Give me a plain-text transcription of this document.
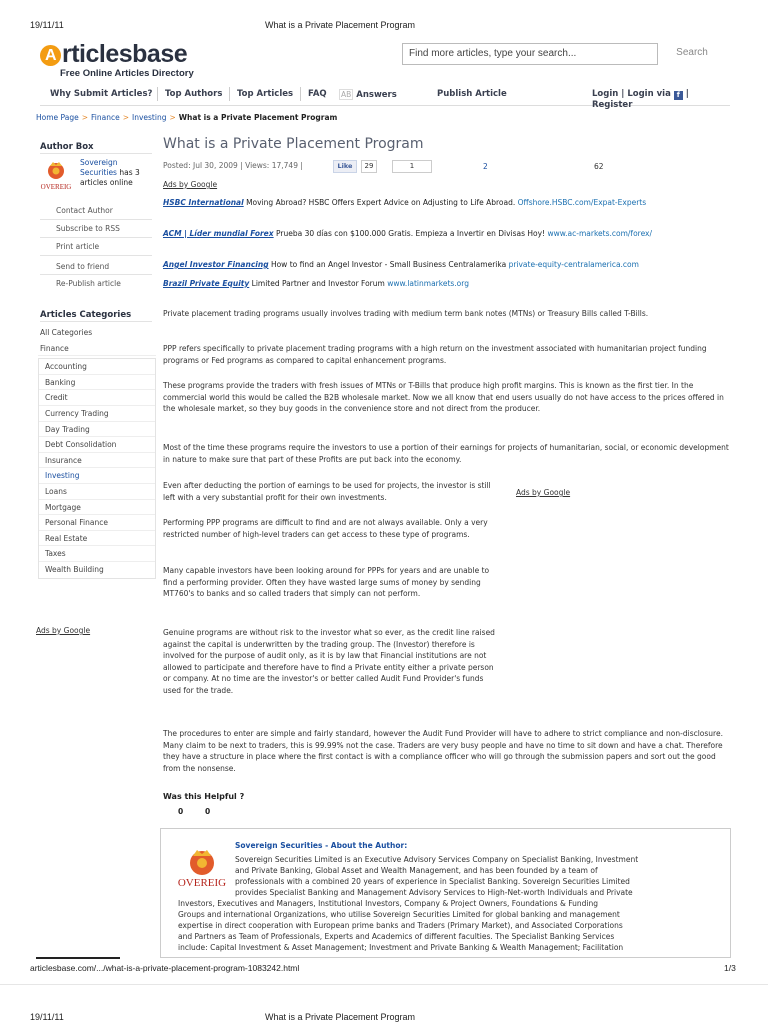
19/11/11	What is a Private Placement Program
A rticlesbase
Free Online Articles Directory
Find more articles, type your search...	Search
Why Submit Articles? Top Authors Top Articles FAQ AB Answers	Publish Article	Login | Login via f | Register
Home Page > Finance > Investing > What is a Private Placement Program
Author Box
OVEREIG
Sovereign Securities has 3 articles online
Contact Author
Subscribe to RSS
Print article
Send to friend
Re-Publish article
Articles Categories
All Categories
Finance
Accounting
Banking
Credit
Currency Trading
Day Trading
Debt Consolidation
Insurance
Investing
Loans
Mortgage
Personal Finance
Real Estate
Taxes
Wealth Building
Ads by Google
What is a Private Placement Program
Posted: Jul 30, 2009 | Views: 17,749 |	Like	29	1	2	62
Ads by Google
HSBC International Moving Abroad? HSBC Offers Expert Advice on Adjusting to Life Abroad. Offshore.HSBC.com/Expat-Experts
ACM | Líder mundial Forex Prueba 30 días con $100.000 Gratis. Empieza a Invertir en Divisas Hoy! www.ac-markets.com/forex/
Angel Investor Financing How to find an Angel Investor - Small Business Centralamerika private-equity-centralamerica.com
Brazil Private Equity Limited Partner and Investor Forum www.latinmarkets.org
Private placement trading programs usually involves trading with medium term bank notes (MTNs) or Treasury Bills called T-Bills.
PPP refers specifically to private placement trading programs with a high return on the investment associated with humanitarian project funding programs or Fed programs as compared to capital enhancement programs.
These programs provide the traders with fresh issues of MTNs or T-Bills that produce high profit margins. This is known as the first tier. In the commercial world this would be called the B2B wholesale market. Now we all know that end users usually do not have access to the prices offered in the wholesale market, so they buy goods in the convenience store and not direct from the producer.
Most of the time these programs require the investors to use a portion of their earnings for projects of humanitarian, social, or economic development in nature to make sure that part of these Profits are put back into the economy.
Even after deducting the portion of earnings to be used for projects, the investor is still left with a very substantial profit for their own investments.
Ads by Google
Performing PPP programs are difficult to find and are not always available. Only a very restricted number of high-level traders can get access to these type of programs.
Many capable investors have been looking around for PPPs for years and are unable to find a performing provider. Often they have wasted large sums of money by sending MT760's to banks and so called traders that simply can not perform.
Genuine programs are without risk to the investor what so ever, as the credit line raised against the capital is underwritten by the trading group. The (Investor) therefore is involved for the purpose of audit only, as it is by law that Financial institutions are not allowed to participate and therefore have to find a Private entity either a private person or company. At no time are the investor's or better called Audit Fund Provider's funds used for the trade.
The procedures to enter are simple and fairly standard, however the Audit Fund Provider will have to adhere to strict compliance and non-disclosure. Many claim to be next to traders, this is 99.99% not the case. Traders are very busy people and have no time to sit down and have a chat. Therefore they have a structure in place where the first contact is with a compliance officer who will go through the submission papers and sort out the good from the nonsense.
Was this Helpful ?
0	0
OVEREIG
Sovereign Securities - About the Author:
Sovereign Securities Limited is an Executive Advisory Services Company on Specialist Banking, Investment
and Private Banking, Global Asset and Wealth Management, and has been founded by a team of
professionals with a combined 20 years of experience in Specialist Banking. Sovereign Securities Limited
provides Specialist Banking and Management Advisory Services to High-Net-worth Individuals and Private
Investors, Executives and Managers, Institutional Investors, Company & Project Owners, Foundations & Funding
Groups and international Organizations, who utilise Sovereign Securities Limited for global banking and management
expertise in direct cooperation with European prime banks and Traders (Primary Market), and Associated Corporations
and Partners as Team of Professionals, Experts and Academics of different faculties. The Specialist Banking Services
include: Capital Investment & Asset Management; Investment and Private Banking & Wealth Management; Facilitation
articlesbase.com/.../what-is-a-private-placement-program-1083242.html	1/3
19/11/11	What is a Private Placement Program
